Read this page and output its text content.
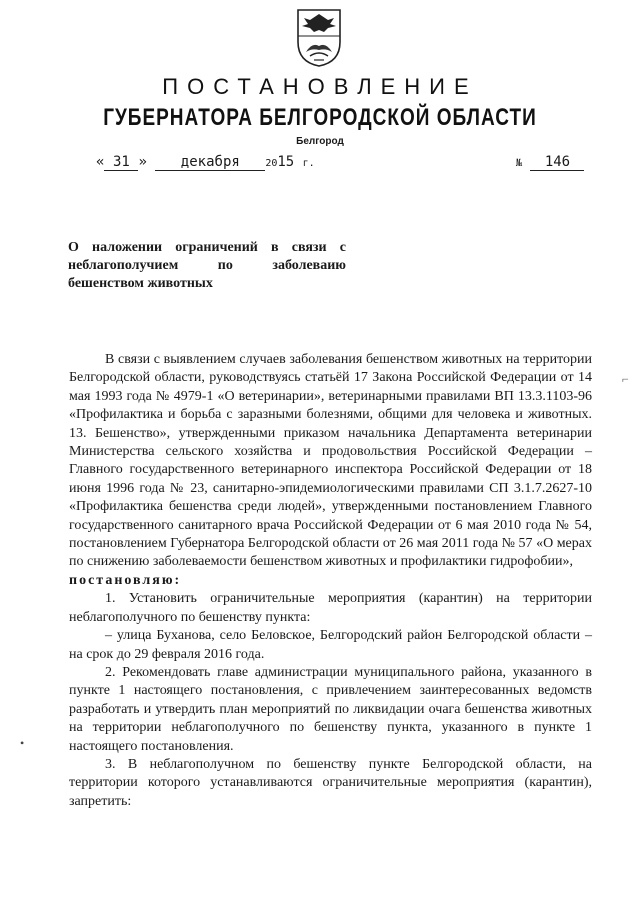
ПОСТАНОВЛЕНИЕ
ГУБЕРНАТОРА БЕЛГОРОДСКОЙ ОБЛАСТИ
Белгород
« 31 » декабря	2015 г.	№ 146
О наложении ограничений в связи с неблагополучием по заболеваию бешенством животных

В связи с выявлением случаев заболевания бешенством животных на территории Белгородской области, руководствуясь статьёй 17 Закона Российской Федерации от 14 мая 1993 года № 4979-1 «О ветеринарии», ветеринарными правилами ВП 13.3.1103-96 «Профилактика и борьба с заразными болезнями, общими для человека и животных. 13. Бешенство», утвержденными приказом начальника Департамента ветеринарии Министерства сельского хозяйства и продовольствия Российской Федерации – Главного государственного ветеринарного инспектора Российской Федерации от 18 июня 1996 года № 23, санитарно-эпидемиологическими правилами СП 3.1.7.2627-10 «Профилактика бешенства среди людей», утвержденными постановлением Главного государственного санитарного врача Российской Федерации от 6 мая 2010 года № 54, постановлением Губернатора Белгородской области от 26 мая 2011 года № 57 «О мерах по снижению заболеваемости бешенством животных и профилактики гидрофобии»,

постановляю:

1. Установить ограничительные мероприятия (карантин) на территории неблагополучного по бешенству пункта:

– улица Буханова, село Беловское, Белгородский район Белгородской области – на срок до 29 февраля 2016 года.

2. Рекомендовать главе администрации муниципального района, указанного в пункте 1 настоящего постановления, с привлечением заинтересованных ведомств разработать и утвердить план мероприятий по ликвидации очага бешенства животных на территории неблагополучного по бешенству пункта, указанного в пункте 1 настоящего постановления.

3. В неблагополучном по бешенству пункте Белгородской области, на территории которого устанавливаются ограничительные мероприятия (карантин), запретить:

⌐
•
